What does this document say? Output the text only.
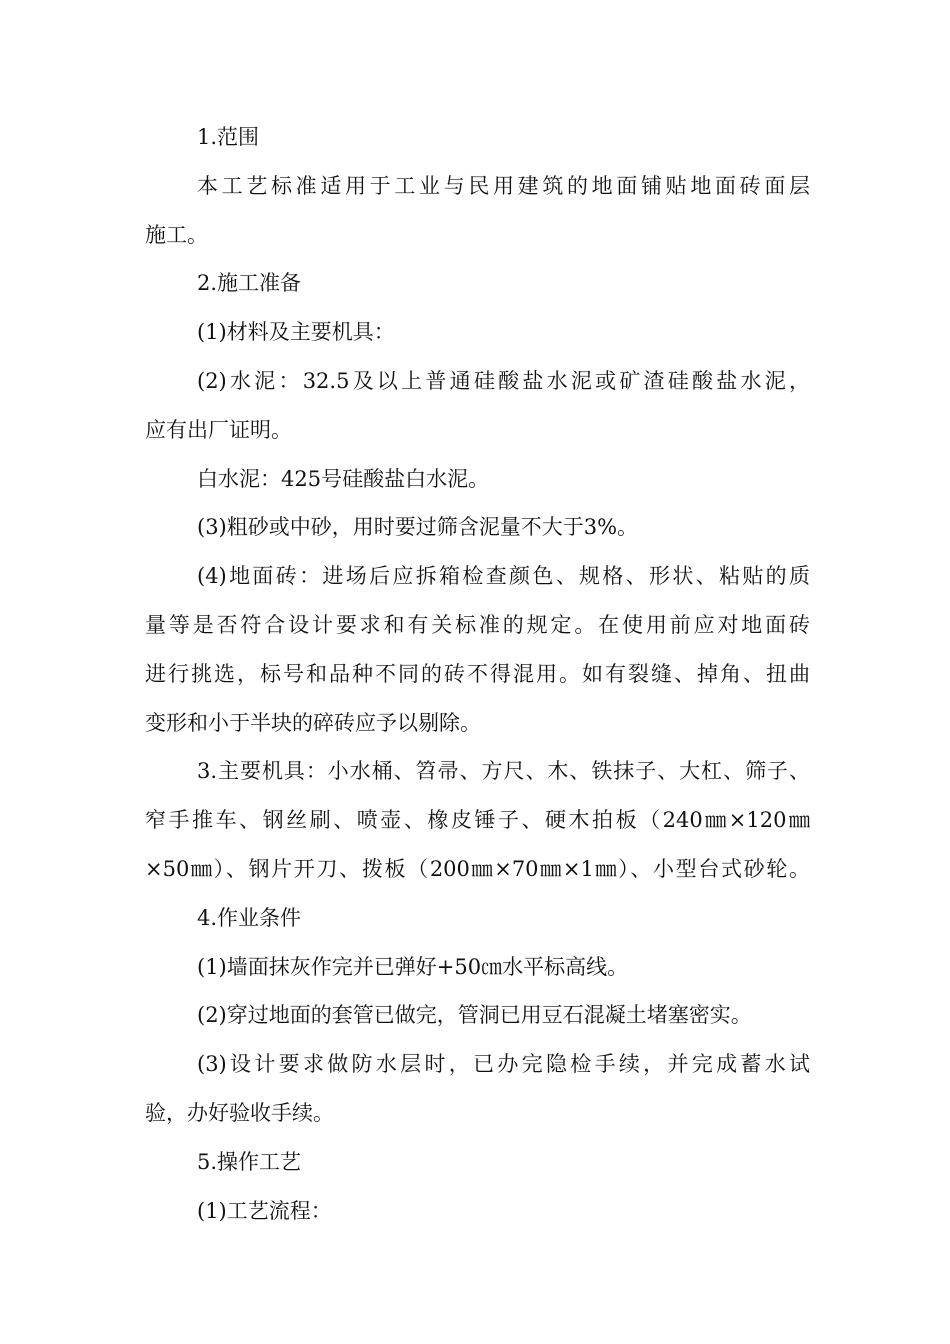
1.范围

本工艺标准适用于工业与民用建筑的地面铺贴地面砖面层

施工。

2.施工准备

(1)材料及主要机具：

(2)水泥：32.5及以上普通硅酸盐水泥或矿渣硅酸盐水泥，

应有出厂证明。

白水泥：425号硅酸盐白水泥。

(3)粗砂或中砂，用时要过筛含泥量不大于3%。

(4)地面砖：进场后应拆箱检查颜色、规格、形状、粘贴的质

量等是否符合设计要求和有关标准的规定。在使用前应对地面砖

进行挑选，标号和品种不同的砖不得混用。如有裂缝、掉角、扭曲

变形和小于半块的碎砖应予以剔除。

3.主要机具：小水桶、笤帚、方尺、木、铁抹子、大杠、筛子、

窄手推车、钢丝刷、喷壶、橡皮锤子、硬木拍板（240㎜×120㎜

×50㎜）、钢片开刀、拨板（200㎜×70㎜×1㎜）、小型台式砂轮。

4.作业条件

(1)墙面抹灰作完并已弹好+50㎝水平标高线。

(2)穿过地面的套管已做完，管洞已用豆石混凝土堵塞密实。

(3)设计要求做防水层时，已办完隐检手续，并完成蓄水试

验，办好验收手续。

5.操作工艺

(1)工艺流程：
